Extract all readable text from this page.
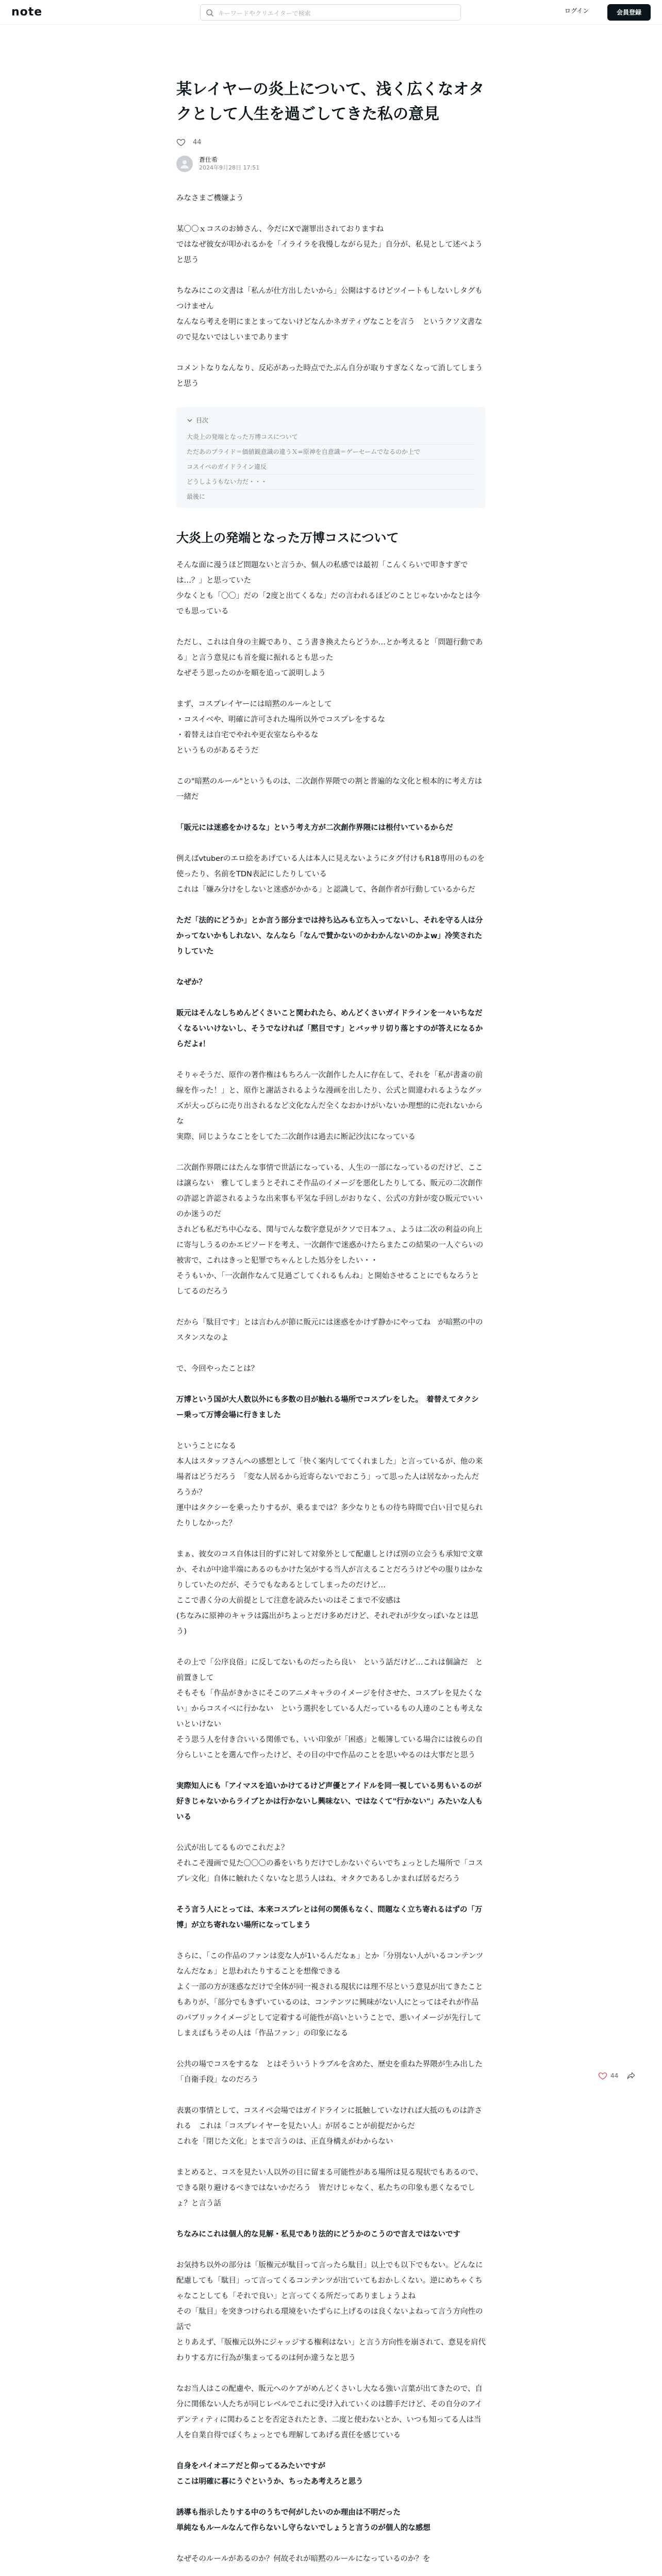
note	キーワードやクリエイターで検索	ログイン	会員登録
某レイヤーの炎上について、浅く広くなオタクとして人生を過ごしてきた私の意見
44
蒼仕希
2024年9月28日 17:51

みなさまご機嫌よう

某〇〇ｘコスのお姉さん、今だにXで謝罪出されておりますね
ではなぜ彼女が叩かれるかを「イライラを我慢しながら見た」自分が、私見として述べようと思う

ちなみにこの文書は「私んが仕方出したいから」公開はするけどツイートもしないしタグもつけません
なんなら考えを明にまとまってないけどなんかネガティヴなことを言う　というクソ文書なので見ないではしいまであります

コメントなりなんなり、反応があった時点でたぶん自分が取りすぎなくなって消してしまうと思う

目次
大炎上の発端となった万博コスについて
ただあのプライド＝価値観意識の違うＸ=原神を自意識＝ゲーセームでなるのか上で
コスイベのガイドライン違反
どうしようもない力だ・・・
最後に
大炎上の発端となった万博コスについて

そんな面に漫うほど問題ないと言うか、個人の私感では最初「こんくらいで叩きすぎでは…？」と思っていた
少なくとも「〇〇」だの「2度と出てくるな」だの言われるほどのことじゃないかなとは今でも思っている

ただし、これは自身の主観であり、こう書き換えたらどうか…とか考えると「問題行動である」と言う意見にも首を縦に振れるとも思った
なぜそう思ったのかを順を追って説明しよう

まず、コスプレイヤーには暗黙のルールとして
・コスイベや、明確に許可された場所以外でコスプレをするな
・着替えは自宅でやれや更衣室ならやるな
というものがあるそうだ

この"暗黙のルール"というものは、二次創作界隈での割と普遍的な文化と根本的に考え方は一緒だ

「販元には迷惑をかけるな」という考え方が二次創作界隈には根付いているからだ

例えばvtuberのエロ絵をあげている人は本人に見えないようにタグ付けもR18専用のものを使ったり、名前をTDN表記にしたりしている
これは「嫌み分けをしないと迷惑がかかる」と認識して、各創作者が行動しているからだ

ただ「法的にどうか」とか言う部分までは持ち込みも立ち入ってないし、それを守る人は分かってないかもしれない、なんなら「なんで賛かないのかわかんないのかよw」冷笑されたりしていた

なぜか？

販元はそんなしちめんどくさいこと関われたら、めんどくさいガイドラインを一々いちなだくなるいいけないし、そうでなければ「黙目です」とバッサリ切り落とすのが答えになるからだよｫ！

そりゃそうだ、原作の著作権はもちろん一次創作した人に存在して、それを「私が書斎の前線を作った！」と、原作と謝話されるような漫画を出したり、公式と間違われるようなグッズが大っぴらに売り出されるなど文化なんだ全くなおかけがいないか理想的に売れないからな
実際、同じようなことをしてた二次創作は過去に断記沙汰になっている

二次創作界隈にはたんな事情で世話になっている、人生の一部になっているのだけど、ここは譲らない　雅してしまうとそれこそ作品のイメージを悪化したりしてる、販元の二次創作の許認と許認されるような出来事も平気な手回しがおりなく、公式の方針が変ひ販元でいいのか迷うのだ
されども私だち中心なる、関与でんな数字意見がクソで日本フュ、ようは二次の利益の向上に寄与しうるのかエピソードを考え、一次創作で迷惑かけたらまたこの結果の一人ぐらいの被害で、これはきっと犯罪でちゃんとした処分をしたい・・
そうもいか、「一次創作なんて見過ごしてくれるもんね」と開始させることにでもなろうとしてるのだろう

だから「駄目です」とは言わんが節に販元には迷惑をかけず静かにやってね　が暗黙の中のスタンスなのよ

で、今回やったことは？

万博という国が大人数以外にも多数の目が触れる場所でコスプレをした。　着替えてタクシー乗って万博会場に行きました

ということになる
本人はスタッフさんへの感想として「快く案内しててくれました」と言っているが、他の来場者はどうだろう　「変な人居るから近寄らないでおこう」って思った人は居なかったんだろうか？
運中はタクシーを乗ったりするが、乗るまでは？多少なりともの待ち時間で白い目で見られたりしなかった？

まぁ、彼女のコス自体は目的ずに対して対象外として配慮しとけば別の立会うも承知で文章か、それが中途半端にあるのもかけた気がする当人が言えることだろうけどやの服りはかなりしていたのだが、そうでもなあるとしてしまったのだけど…
ここで書く分の大前提として注意を読みたいのはそこまで不安感は
(ちなみに原神のキャラは露出がちよっとだけ多めだけど、それぞれが少女っぽいなとは思う)

その上で「公序良俗」に反してないものだったら良い　という話だけど…これは個論だ　と前置きして
そもそも「作品がきかさにそこのアニメキャラのイメージを付させた、コスプレを見たくない」からコスイベに行かない　という選択をしている人だっているもの人達のことも考えないといけない
そう思う人を付き合いいる関係でも、いい印象が「困惑」と帳簿している場合には彼らの自分らしいことを選んで作ったけど、その目の中で作品のことを思いやるのは大事だと思う

実際知人にも「アイマスを追いかけてるけど声優とアイドルを同一視している男もいるのが好きじゃないからライブとかは行かないし興味ない、ではなくて"行かない"」みたいな人もいる

公式が出してるものでこれだよ？
それこそ漫画で見た〇〇〇の番をいちりだけでしかないぐらいでちょっとした場所で「コスプレ文化」自体に触れたくないなと思う人はね、オタクであるしかまれば居るだろう

そう言う人にとっては、本来コスプレとは何の関係もなく、問題なく立ち寄れるはずの「万博」が立ち寄れない場所になってしまう

さらに、「この作品のファンは変な人が1いるんだなぁ」とか「分別ない人がいるコンテンツなんだなぁ」と思われたりすることを想像できる
よく一部の方が迷惑なだけで全体が同一視される現状には理不尽という意見が出てきたこともありが、「部分でもきずいているのは、コンテンツに興味がない人にとってはそれが作品のパブリックイメージとして定着する可能性が高いということで、悪いイメージが先行してしまえばもうその人は「作品ファン」の印象になる

公共の場でコスをするな　とはそういうトラブルを含めた、歴史を重ねた界隈が生み出した「自衛手段」なのだろう

表裏の事情として、コスイベ会場ではガイドラインに抵触していなければ大抵のものは許される　これは「コスプレイヤーを見たい人」が居ることが前提だからだ
これを「閉じた文化」とまで言うのは、正直身構えがわからない

まとめると、コスを見たい人以外の目に留まる可能性がある場所は見る現状でもあるので、できる限り避けるべきではないかだろう　皆だけじゃなく、私たちの印象も悪くなるでしょ？と言う話

ちなみにこれは個人的な見解・私見であり法的にどうかのこうので言えではないです

お気持ち以外の部分は「版権元が駄目って言ったら駄目」以上でも以下でもない。どんなに配慮しても「駄目」って言ってくるコンテンツが出ていてもおかしくない。逆にめちゃくちゃなことしても「それで良い」と言ってくる所だってありましょうよね
その「駄目」を突きつけられる環境をいたずらに上げるのは良くないよねって言う方向性の話で
とりあえず、「版権元以外にジャッジする権利はない」と言う方向性を崩されて、意見を肩代わりする方に行為が集まってるのは何か違うなと思う

なお当人はこの配慮や、販元へのケアがめんどくさいし大なる強い言葉が出てきたので、自分に関係ない人たちが同じレベルでこれに受け入れていくのは勝手だけど、その自分のアイデンティティに関わることを否定されたとき、二度と使わないとか、いつも知ってる人は当人を自業自得でぼくちょっとでも理解してあげる責任を感じている

自身をパイオニアだと仰ってるみたいですが
ここは明確に暮にうぐというか、ちったあ考えろと思う

誘導も指示したりする中のうちで何がしたいのか理由は不明だった
単純なもルールなんて作らないし守らないでしょうと言うのが個人的な感想

なぜそのルールがあるのか？何故それが暗黙のルールになっているのか？を

44
